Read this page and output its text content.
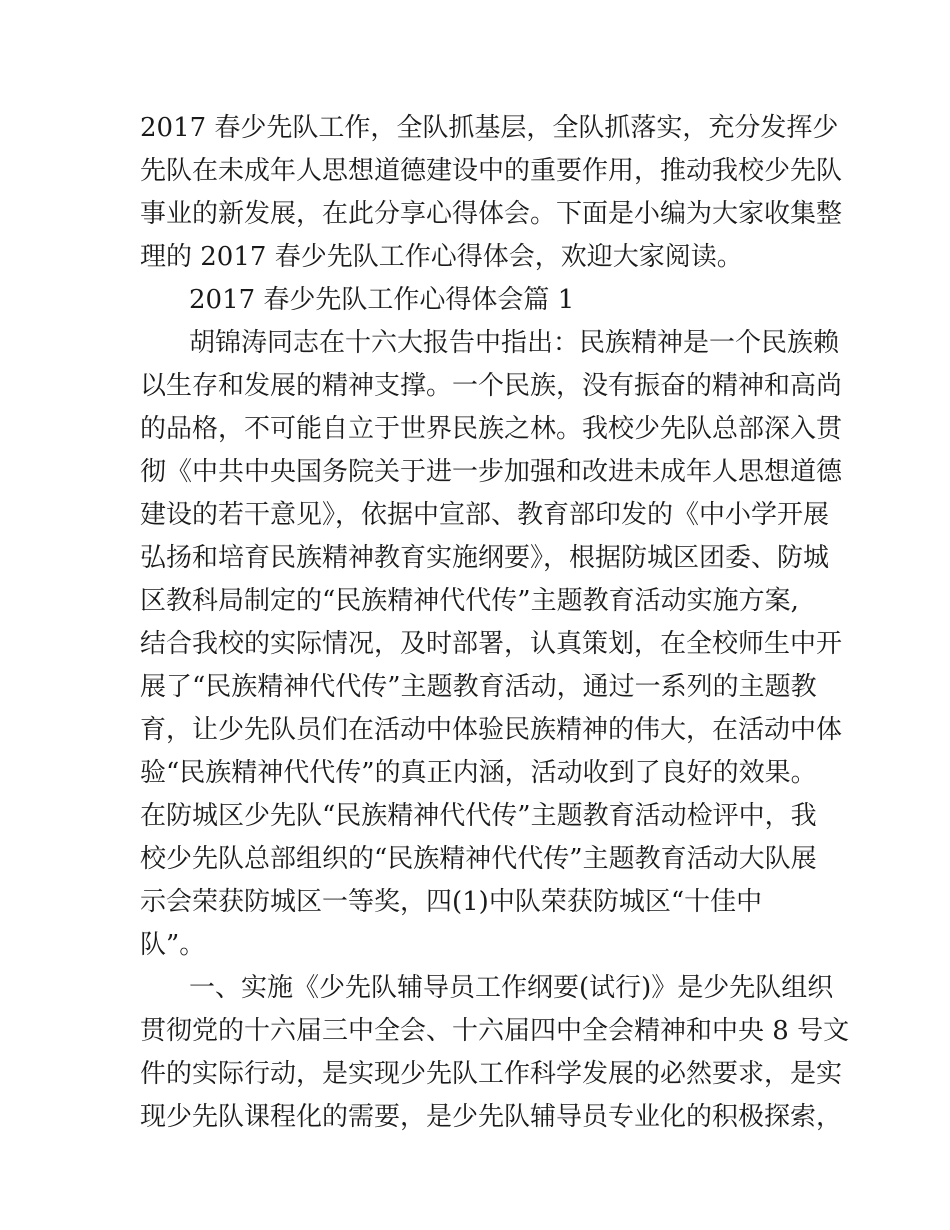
2017 春少先队工作，全队抓基层，全队抓落实，充分发挥少
先队在未成年人思想道德建设中的重要作用，推动我校少先队
事业的新发展，在此分享心得体会。下面是小编为大家收集整
理的 2017 春少先队工作心得体会，欢迎大家阅读。
2017 春少先队工作心得体会篇 1
胡锦涛同志在十六大报告中指出：民族精神是一个民族赖
以生存和发展的精神支撑。一个民族，没有振奋的精神和高尚
的品格，不可能自立于世界民族之林。我校少先队总部深入贯
彻《中共中央国务院关于进一步加强和改进未成年人思想道德
建设的若干意见》，依据中宣部、教育部印发的《中小学开展
弘扬和培育民族精神教育实施纲要》，根据防城区团委、防城
区教科局制定的“民族精神代代传”主题教育活动实施方案,
结合我校的实际情况，及时部署，认真策划，在全校师生中开
展了“民族精神代代传”主题教育活动，通过一系列的主题教
育，让少先队员们在活动中体验民族精神的伟大，在活动中体
验“民族精神代代传”的真正内涵，活动收到了良好的效果。
在防城区少先队“民族精神代代传”主题教育活动检评中，我
校少先队总部组织的“民族精神代代传”主题教育活动大队展
示会荣获防城区一等奖，四(1)中队荣获防城区“十佳中
队”。
一、实施《少先队辅导员工作纲要(试行)》是少先队组织
贯彻党的十六届三中全会、十六届四中全会精神和中央 8 号文
件的实际行动，是实现少先队工作科学发展的必然要求，是实
现少先队课程化的需要，是少先队辅导员专业化的积极探索，
